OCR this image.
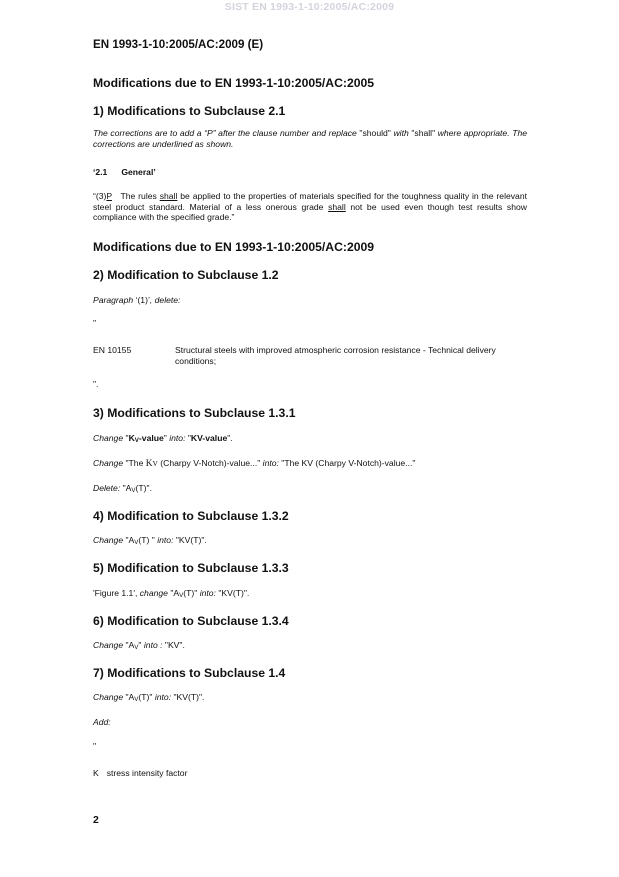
SIST EN 1993-1-10:2005/AC:2009
EN 1993-1-10:2005/AC:2009 (E)
Modifications due to EN 1993-1-10:2005/AC:2005
1) Modifications to Subclause 2.1
The corrections are to add a “P” after the clause number and replace "should" with "shall" where appropriate. The corrections are underlined as shown.
‘2.1 General’
“(3)P   The rules shall be applied to the properties of materials specified for the toughness quality in the relevant steel product standard. Material of a less onerous grade shall not be used even though test results show compliance with the specified grade.”
Modifications due to EN 1993-1-10:2005/AC:2009
2) Modification to Subclause 1.2
Paragraph ‘(1)’, delete:
"
EN 10155	Structural steels with improved atmospheric corrosion resistance - Technical delivery conditions;
".
3) Modifications to Subclause 1.3.1
Change "$K_V$-value" into: "KV-value".
Change "The KV (Charpy V-Notch)-value..." into: "The KV (Charpy V-Notch)-value..."
Delete: "$A_V(T)$".
4) Modification to Subclause 1.3.2
Change "$A_V(T)$ " into: "KV(T)".
5) Modification to Subclause 1.3.3
'Figure 1.1', change "$A_V(T)$" into: "KV(T)".
6) Modification to Subclause 1.3.4
Change "$A_V$" into : "KV".
7) Modifications to Subclause 1.4
Change "$A_V(T)$" into: "KV(T)".
Add:
"
K stress intensity factor
2
